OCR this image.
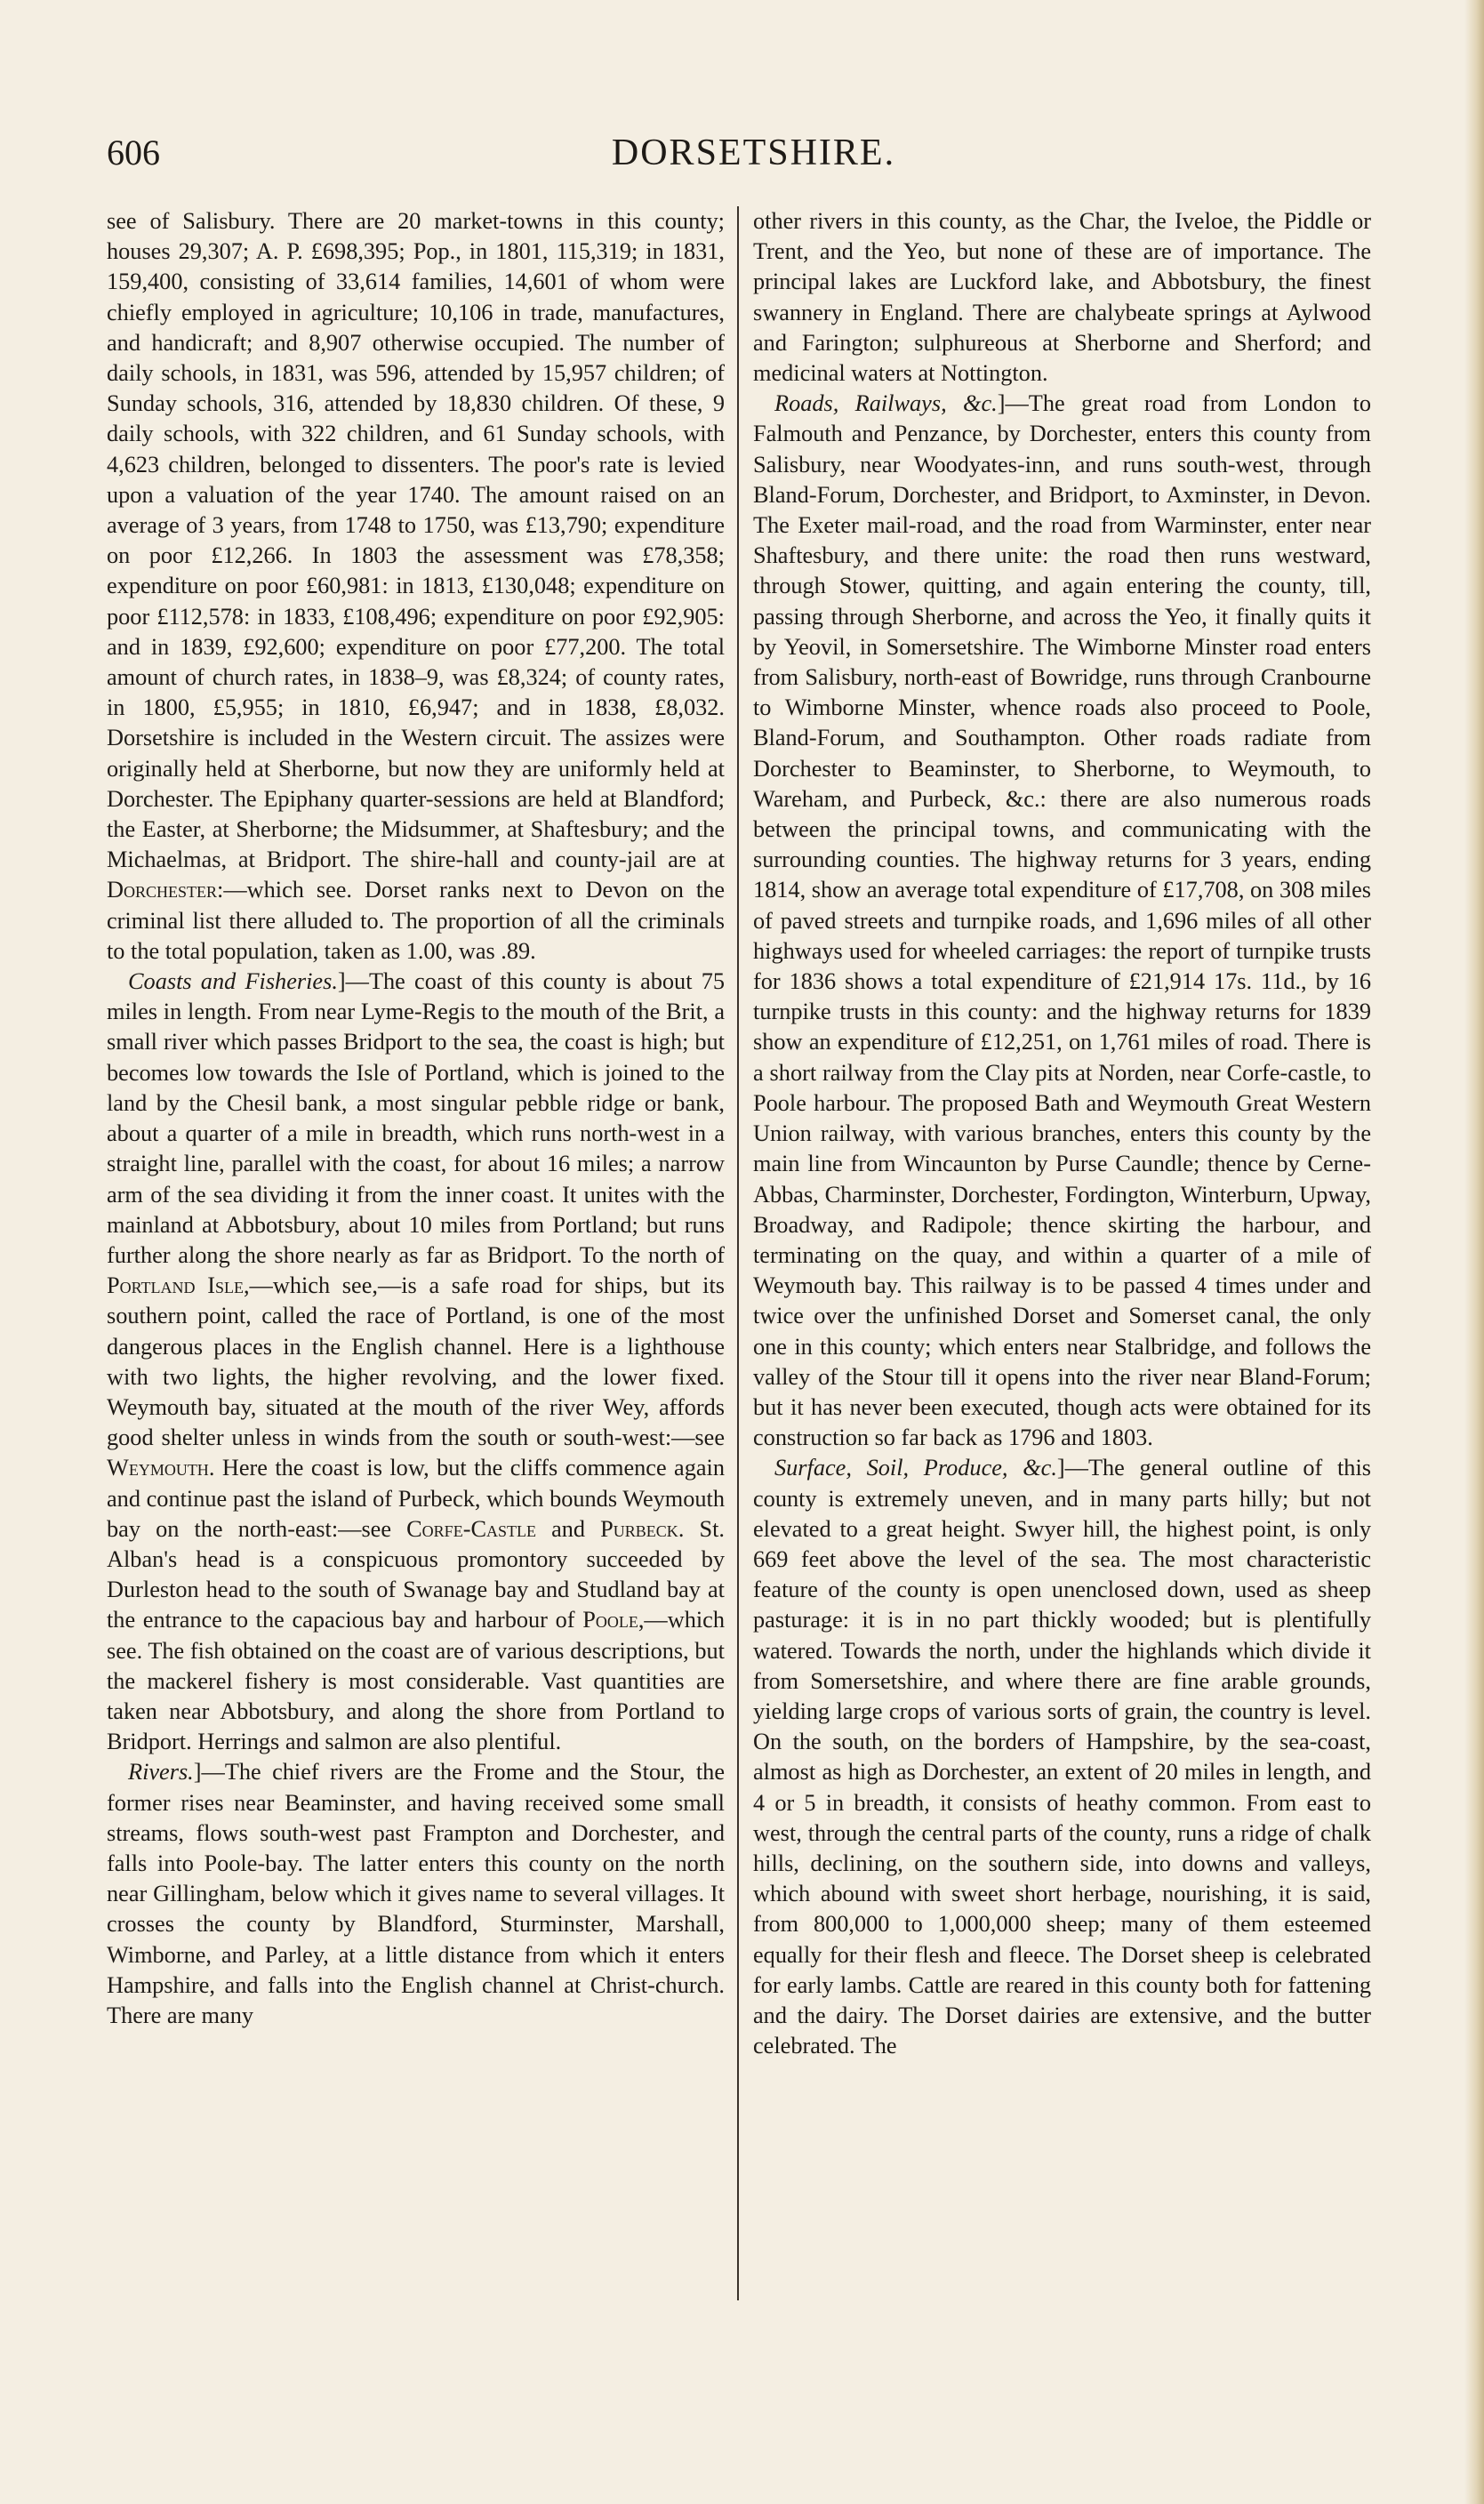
606	DORSETSHIRE.

see of Salisbury. There are 20 market-towns in this county; houses 29,307; A. P. £698,395; Pop., in 1801, 115,319; in 1831, 159,400, consisting of 33,614 families, 14,601 of whom were chiefly employed in agriculture; 10,106 in trade, manufactures, and handicraft; and 8,907 otherwise occupied. The number of daily schools, in 1831, was 596, attended by 15,957 children; of Sunday schools, 316, attended by 18,830 children. Of these, 9 daily schools, with 322 children, and 61 Sunday schools, with 4,623 children, belonged to dissenters. The poor's rate is levied upon a valuation of the year 1740. The amount raised on an average of 3 years, from 1748 to 1750, was £13,790; expenditure on poor £12,266. In 1803 the assessment was £78,358; expenditure on poor £60,981: in 1813, £130,048; expenditure on poor £112,578: in 1833, £108,496; expenditure on poor £92,905: and in 1839, £92,600; expenditure on poor £77,200. The total amount of church rates, in 1838–9, was £8,324; of county rates, in 1800, £5,955; in 1810, £6,947; and in 1838, £8,032. Dorsetshire is included in the Western circuit. The assizes were originally held at Sherborne, but now they are uniformly held at Dorchester. The Epiphany quarter-sessions are held at Blandford; the Easter, at Sherborne; the Midsummer, at Shaftesbury; and the Michaelmas, at Bridport. The shire-hall and county-jail are at Dorchester:—which see. Dorset ranks next to Devon on the criminal list there alluded to. The proportion of all the criminals to the total population, taken as 1.00, was .89.

Coasts and Fisheries.]—The coast of this county is about 75 miles in length. From near Lyme-Regis to the mouth of the Brit, a small river which passes Bridport to the sea, the coast is high; but becomes low towards the Isle of Portland, which is joined to the land by the Chesil bank, a most singular pebble ridge or bank, about a quarter of a mile in breadth, which runs north-west in a straight line, parallel with the coast, for about 16 miles; a narrow arm of the sea dividing it from the inner coast. It unites with the mainland at Abbotsbury, about 10 miles from Portland; but runs further along the shore nearly as far as Bridport. To the north of Portland Isle,—which see,—is a safe road for ships, but its southern point, called the race of Portland, is one of the most dangerous places in the English channel. Here is a lighthouse with two lights, the higher revolving, and the lower fixed. Weymouth bay, situated at the mouth of the river Wey, affords good shelter unless in winds from the south or south-west:—see Weymouth. Here the coast is low, but the cliffs commence again and continue past the island of Purbeck, which bounds Weymouth bay on the north-east:—see Corfe-Castle and Purbeck. St. Alban's head is a conspicuous promontory succeeded by Durleston head to the south of Swanage bay and Studland bay at the entrance to the capacious bay and harbour of Poole,—which see. The fish obtained on the coast are of various descriptions, but the mackerel fishery is most considerable. Vast quantities are taken near Abbotsbury, and along the shore from Portland to Bridport. Herrings and salmon are also plentiful.

Rivers.]—The chief rivers are the Frome and the Stour, the former rises near Beaminster, and having received some small streams, flows south-west past Frampton and Dorchester, and falls into Poole-bay. The latter enters this county on the north near Gillingham, below which it gives name to several villages. It crosses the county by Blandford, Sturminster, Marshall, Wimborne, and Parley, at a little distance from which it enters Hampshire, and falls into the English channel at Christ-church. There are many

other rivers in this county, as the Char, the Iveloe, the Piddle or Trent, and the Yeo, but none of these are of importance. The principal lakes are Luckford lake, and Abbotsbury, the finest swannery in England. There are chalybeate springs at Aylwood and Farington; sulphureous at Sherborne and Sherford; and medicinal waters at Nottington.

Roads, Railways, &c.]—The great road from London to Falmouth and Penzance, by Dorchester, enters this county from Salisbury, near Woodyates-inn, and runs south-west, through Bland-Forum, Dorchester, and Bridport, to Axminster, in Devon. The Exeter mail-road, and the road from Warminster, enter near Shaftesbury, and there unite: the road then runs westward, through Stower, quitting, and again entering the county, till, passing through Sherborne, and across the Yeo, it finally quits it by Yeovil, in Somersetshire. The Wimborne Minster road enters from Salisbury, north-east of Bowridge, runs through Cranbourne to Wimborne Minster, whence roads also proceed to Poole, Bland-Forum, and Southampton. Other roads radiate from Dorchester to Beaminster, to Sherborne, to Weymouth, to Wareham, and Purbeck, &c.: there are also numerous roads between the principal towns, and communicating with the surrounding counties. The highway returns for 3 years, ending 1814, show an average total expenditure of £17,708, on 308 miles of paved streets and turnpike roads, and 1,696 miles of all other highways used for wheeled carriages: the report of turnpike trusts for 1836 shows a total expenditure of £21,914 17s. 11d., by 16 turnpike trusts in this county: and the highway returns for 1839 show an expenditure of £12,251, on 1,761 miles of road. There is a short railway from the Clay pits at Norden, near Corfe-castle, to Poole harbour. The proposed Bath and Weymouth Great Western Union railway, with various branches, enters this county by the main line from Wincaunton by Purse Caundle; thence by Cerne-Abbas, Charminster, Dorchester, Fordington, Winterburn, Upway, Broadway, and Radipole; thence skirting the harbour, and terminating on the quay, and within a quarter of a mile of Weymouth bay. This railway is to be passed 4 times under and twice over the unfinished Dorset and Somerset canal, the only one in this county; which enters near Stalbridge, and follows the valley of the Stour till it opens into the river near Bland-Forum; but it has never been executed, though acts were obtained for its construction so far back as 1796 and 1803.

Surface, Soil, Produce, &c.]—The general outline of this county is extremely uneven, and in many parts hilly; but not elevated to a great height. Swyer hill, the highest point, is only 669 feet above the level of the sea. The most characteristic feature of the county is open unenclosed down, used as sheep pasturage: it is in no part thickly wooded; but is plentifully watered. Towards the north, under the highlands which divide it from Somersetshire, and where there are fine arable grounds, yielding large crops of various sorts of grain, the country is level. On the south, on the borders of Hampshire, by the sea-coast, almost as high as Dorchester, an extent of 20 miles in length, and 4 or 5 in breadth, it consists of heathy common. From east to west, through the central parts of the county, runs a ridge of chalk hills, declining, on the southern side, into downs and valleys, which abound with sweet short herbage, nourishing, it is said, from 800,000 to 1,000,000 sheep; many of them esteemed equally for their flesh and fleece. The Dorset sheep is celebrated for early lambs. Cattle are reared in this county both for fattening and the dairy. The Dorset dairies are extensive, and the butter celebrated. The
